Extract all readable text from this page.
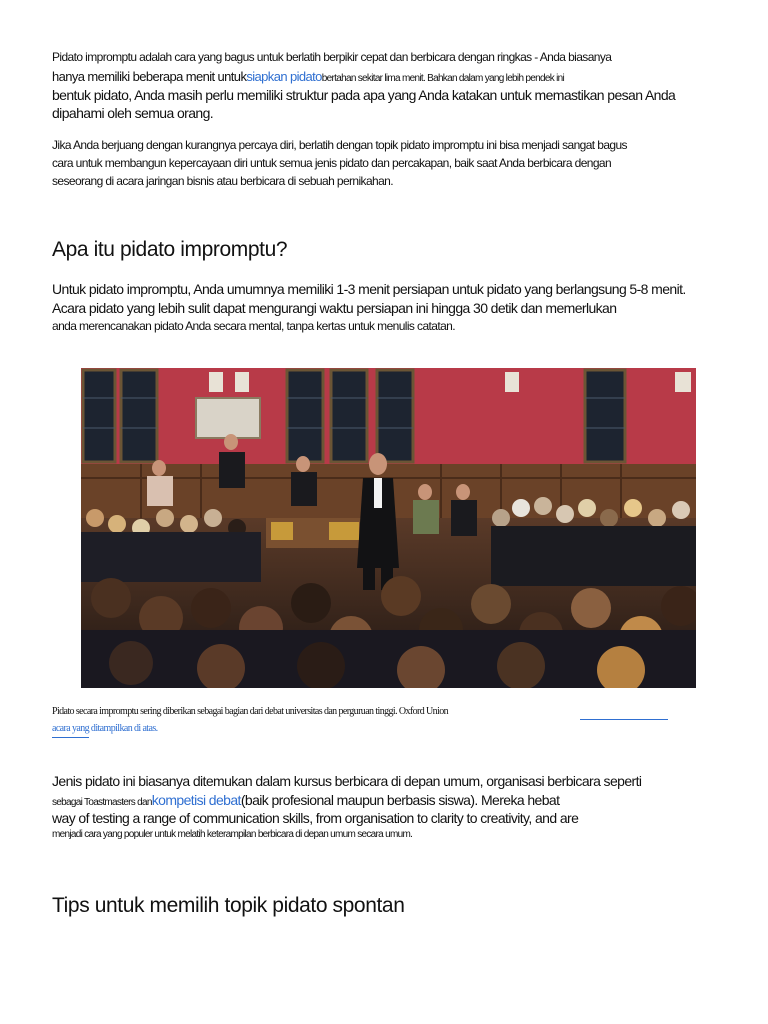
Pidato impromptu adalah cara yang bagus untuk berlatih berpikir cepat dan berbicara dengan ringkas - Anda biasanya
hanya memiliki beberapa menit untuksiapkan pidatobertahan sekitar lima menit. Bahkan dalam yang lebih pendek ini
bentuk pidato, Anda masih perlu memiliki struktur pada apa yang Anda katakan untuk memastikan pesan Anda
dipahami oleh semua orang.
Jika Anda berjuang dengan kurangnya percaya diri, berlatih dengan topik pidato impromptu ini bisa menjadi sangat bagus
cara untuk membangun kepercayaan diri untuk semua jenis pidato dan percakapan, baik saat Anda berbicara dengan
seseorang di acara jaringan bisnis atau berbicara di sebuah pernikahan.
Apa itu pidato impromptu?
Untuk pidato impromptu, Anda umumnya memiliki 1-3 menit persiapan untuk pidato yang berlangsung 5-8 menit.
Acara pidato yang lebih sulit dapat mengurangi waktu persiapan ini hingga 30 detik dan memerlukan
anda merencanakan pidato Anda secara mental, tanpa kertas untuk menulis catatan.
Pidato secara impromptu sering diberikan sebagai bagian dari debat universitas dan perguruan tinggi. Oxford Union
acara yang ditampilkan di atas.
Jenis pidato ini biasanya ditemukan dalam kursus berbicara di depan umum, organisasi berbicara seperti
sebagai Toastmasters dankompetisi debat(baik profesional maupun berbasis siswa). Mereka hebat
way of testing a range of communication skills, from organisation to clarity to creativity, and are
menjadi cara yang populer untuk melatih keterampilan berbicara di depan umum secara umum.
Tips untuk memilih topik pidato spontan
